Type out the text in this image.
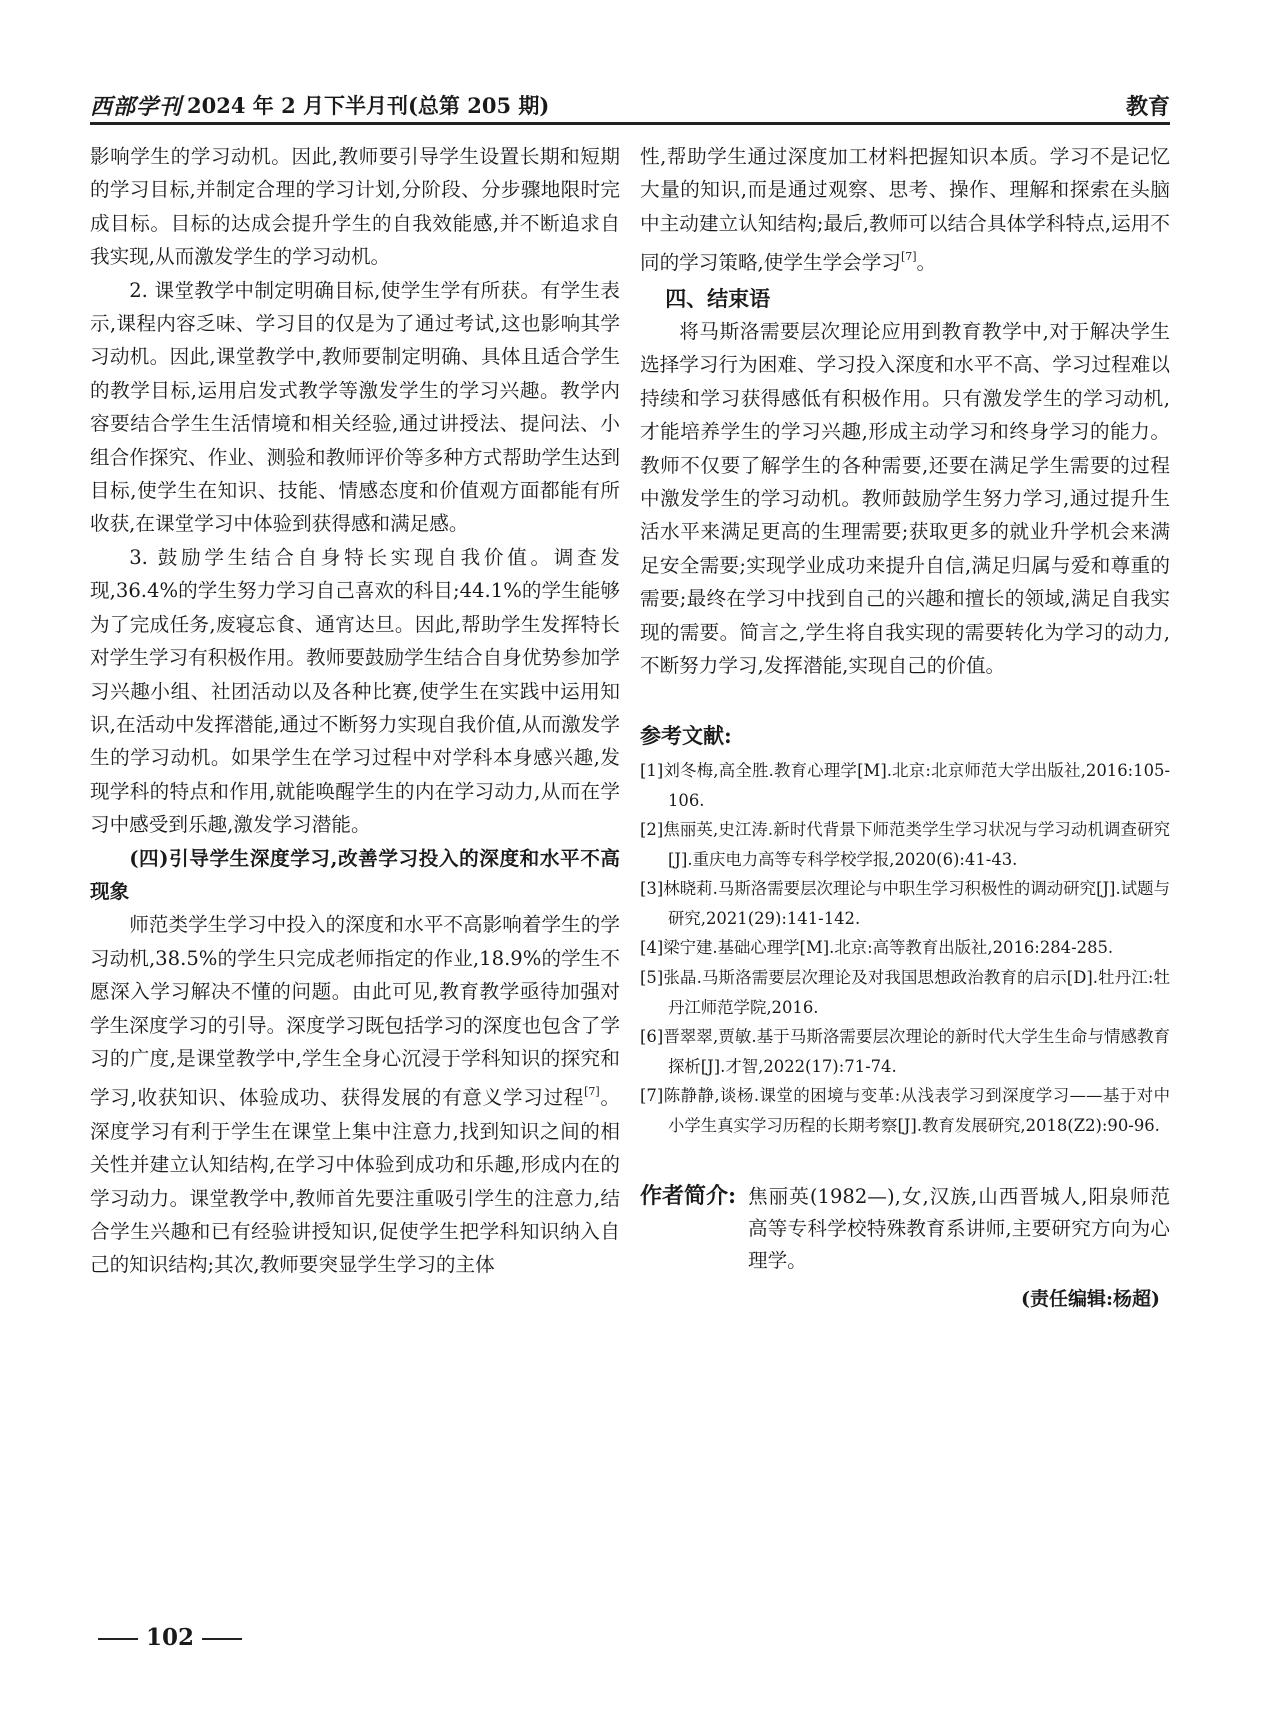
西部学刊 2024 年 2 月下半月刊(总第 205 期)	教育

影响学生的学习动机。因此,教师要引导学生设置长期和短期的学习目标,并制定合理的学习计划,分阶段、分步骤地限时完成目标。目标的达成会提升学生的自我效能感,并不断追求自我实现,从而激发学生的学习动机。

2. 课堂教学中制定明确目标,使学生学有所获。有学生表示,课程内容乏味、学习目的仅是为了通过考试,这也影响其学习动机。因此,课堂教学中,教师要制定明确、具体且适合学生的教学目标,运用启发式教学等激发学生的学习兴趣。教学内容要结合学生生活情境和相关经验,通过讲授法、提问法、小组合作探究、作业、测验和教师评价等多种方式帮助学生达到目标,使学生在知识、技能、情感态度和价值观方面都能有所收获,在课堂学习中体验到获得感和满足感。

3. 鼓励学生结合自身特长实现自我价值。调查发现,36.4%的学生努力学习自己喜欢的科目;44.1%的学生能够为了完成任务,废寝忘食、通宵达旦。因此,帮助学生发挥特长对学生学习有积极作用。教师要鼓励学生结合自身优势参加学习兴趣小组、社团活动以及各种比赛,使学生在实践中运用知识,在活动中发挥潜能,通过不断努力实现自我价值,从而激发学生的学习动机。如果学生在学习过程中对学科本身感兴趣,发现学科的特点和作用,就能唤醒学生的内在学习动力,从而在学习中感受到乐趣,激发学习潜能。

(四)引导学生深度学习,改善学习投入的深度和水平不高现象

师范类学生学习中投入的深度和水平不高影响着学生的学习动机,38.5%的学生只完成老师指定的作业,18.9%的学生不愿深入学习解决不懂的问题。由此可见,教育教学亟待加强对学生深度学习的引导。深度学习既包括学习的深度也包含了学习的广度,是课堂教学中,学生全身心沉浸于学科知识的探究和学习,收获知识、体验成功、获得发展的有意义学习过程[7]。深度学习有利于学生在课堂上集中注意力,找到知识之间的相关性并建立认知结构,在学习中体验到成功和乐趣,形成内在的学习动力。课堂教学中,教师首先要注重吸引学生的注意力,结合学生兴趣和已有经验讲授知识,促使学生把学科知识纳入自己的知识结构;其次,教师要突显学生学习的主体

性,帮助学生通过深度加工材料把握知识本质。学习不是记忆大量的知识,而是通过观察、思考、操作、理解和探索在头脑中主动建立认知结构;最后,教师可以结合具体学科特点,运用不同的学习策略,使学生学会学习[7]。

四、结束语

将马斯洛需要层次理论应用到教育教学中,对于解决学生选择学习行为困难、学习投入深度和水平不高、学习过程难以持续和学习获得感低有积极作用。只有激发学生的学习动机,才能培养学生的学习兴趣,形成主动学习和终身学习的能力。教师不仅要了解学生的各种需要,还要在满足学生需要的过程中激发学生的学习动机。教师鼓励学生努力学习,通过提升生活水平来满足更高的生理需要;获取更多的就业升学机会来满足安全需要;实现学业成功来提升自信,满足归属与爱和尊重的需要;最终在学习中找到自己的兴趣和擅长的领域,满足自我实现的需要。简言之,学生将自我实现的需要转化为学习的动力,不断努力学习,发挥潜能,实现自己的价值。

参考文献:

[1]刘冬梅,高全胜.教育心理学[M].北京:北京师范大学出版社,2016:105-106.

[2]焦丽英,史江涛.新时代背景下师范类学生学习状况与学习动机调查研究[J].重庆电力高等专科学校学报,2020(6):41-43.

[3]林晓莉.马斯洛需要层次理论与中职生学习积极性的调动研究[J].试题与研究,2021(29):141-142.

[4]梁宁建.基础心理学[M].北京:高等教育出版社,2016:284-285.

[5]张晶.马斯洛需要层次理论及对我国思想政治教育的启示[D].牡丹江:牡丹江师范学院,2016.

[6]晋翠翠,贾敏.基于马斯洛需要层次理论的新时代大学生生命与情感教育探析[J].才智,2022(17):71-74.

[7]陈静静,谈杨.课堂的困境与变革:从浅表学习到深度学习——基于对中小学生真实学习历程的长期考察[J].教育发展研究,2018(Z2):90-96.

作者简介: 焦丽英(1982—),女,汉族,山西晋城人,阳泉师范高等专科学校特殊教育系讲师,主要研究方向为心理学。
(责任编辑:杨超)
102
